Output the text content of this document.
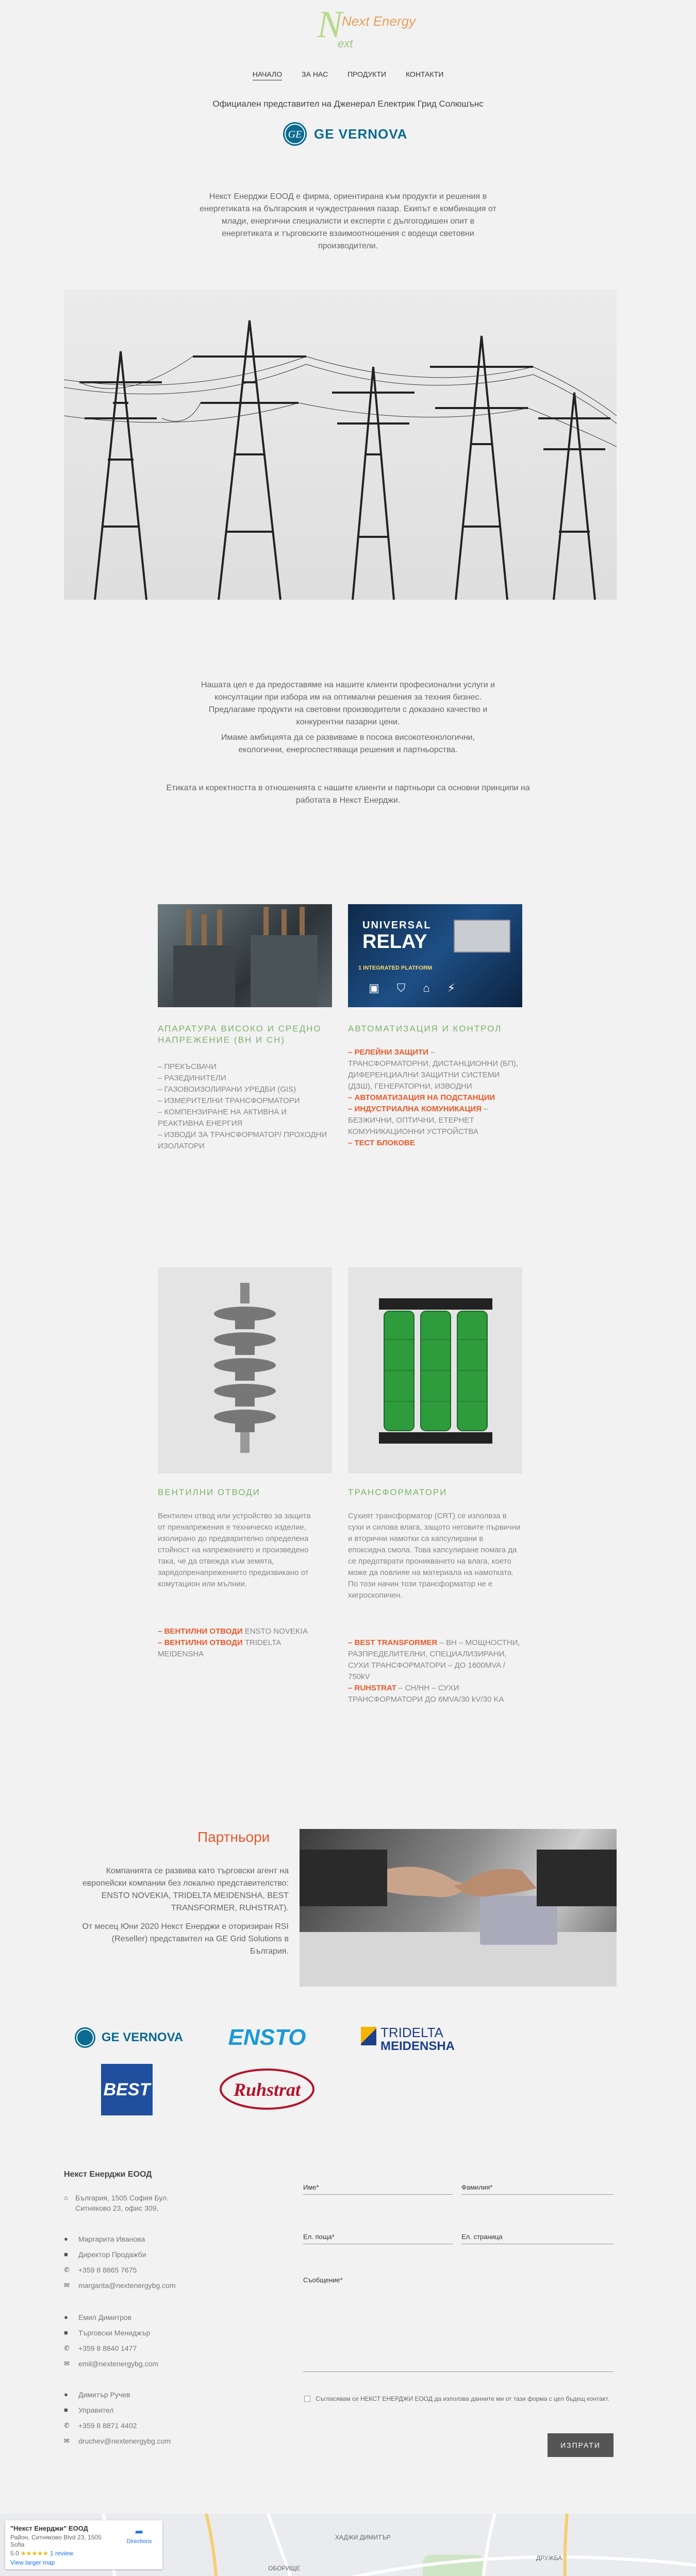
N
Next Energy
ext
НАЧАЛО	ЗА НАС	ПРОДУКТИ	КОНТАКТИ
Официален представител на Дженерал Електрик Грид Солюшънс
GE GE VERNOVA

Некст Енерджи ЕООД е фирма, ориентирана към продукти и решения в енергетиката на българския и чуждестранния пазар. Екипът е комбинация от млади, енергични специалисти и експерти с дългогодишен опит в енергетиката и търговските взаимоотношения с водещи световни производители.

Нашата цел е да предоставяме на нашите клиенти професионални услуги и консултации при избора им на оптимални решения за техния бизнес. Предлагаме продукти на световни производители с доказано качество и конкурентни пазарни цени.

Имаме амбицията да се развиваме в посока високотехнологични, екологични, енергоспестяващи решения и партньорства.

Етиката и коректността в отношенията с нашите клиенти и партньори са основни принципи на работата в Некст Енерджи.

UNIVERSAL
RELAY
1 INTEGRATED PLATFORM
▣ ⛉ ⌂ ⚡
АПАРАТУРА ВИСОКО И СРЕДНО НАПРЕЖЕНИЕ (ВН И СН)
– ПРЕКЪСВАЧИ
– РАЗЕДИНИТЕЛИ
– ГАЗОВОИЗОЛИРАНИ УРЕДБИ (GIS)
– ИЗМЕРИТЕЛНИ ТРАНСФОРМАТОРИ
– КОМПЕНЗИРАНЕ НА АКТИВНА И РЕАКТИВНА ЕНЕРГИЯ
– ИЗВОДИ ЗА ТРАНСФОРМАТОР/ ПРОХОДНИ ИЗОЛАТОРИ
АВТОМАТИЗАЦИЯ И КОНТРОЛ
– РЕЛЕЙНИ ЗАЩИТИ – ТРАНСФОРМАТОРНИ, ДИСТАНЦИОННИ (БП), ДИФЕРЕНЦИАЛНИ ЗАЩИТНИ СИСТЕМИ (ДЗШ), ГЕНЕРАТОРНИ, ИЗВОДНИ
– АВТОМАТИЗАЦИЯ НА ПОДСТАНЦИИ
– ИНДУСТРИАЛНА КОМУНИКАЦИЯ – БЕЗЖИЧНИ, ОПТИЧНИ, ЕТЕРНЕТ КОМУНИКАЦИОННИ УСТРОЙСТВА
– ТЕСТ БЛОКОВЕ
ВЕНТИЛНИ ОТВОДИ
Вентилен отвод или устройство за защита от пренапрежения е техническо изделие, изолирано до предварително определена стойност на напрежението и произведено така, че да отвежда към земята, зарядопренапрежението предизвикано от комутацион или мълнии.
– ВЕНТИЛНИ ОТВОДИ ENSTO NOVEKIA
– ВЕНТИЛНИ ОТВОДИ TRIDELTA MEIDENSHA
ТРАНСФОРМАТОРИ
Сухият трансформатор (CRT) се изполвза в сухи и силова влага, защото неговите първични и вторични намотки са капсулирани в епоксидна смола. Това капсулиране помага да се предотврати проникването на влага, което може да повлияе на материала на намотката. По този начин този трансформатор не е хигроскопичен.
– BEST TRANSFORMER – ВН – МОЩНОСТНИ, РАЗПРЕДЕЛИТЕЛНИ, СПЕЦИАЛИЗИРАНИ, СУХИ ТРАНСФОРМАТОРИ – ДО 1600MVA / 750kV
– RUHSTRAT – СН/НН – СУХИ ТРАНСФОРМАТОРИ ДО 6MVA/30 kV/30 KA
Партньори

Компанията се развива като търговски агент на европейски компании без локално представителство: ENSTO NOVEKIA, TRIDELTA MEIDENSHA, BEST TRANSFORMER, RUHSTRAT).

От месец Юни 2020 Некст Енерджи е оторизиран RSI (Reseller) представител на GE Grid Solutions в България.

GE VERNOVA	ENSTO	TRIDELTA
MEIDENSHA
BEST	Ruhstrat
Некст Енерджи ЕООД
⌂ България, 1505 София Бул. Ситняково 23, офис 309,
●	Маргарита Иванова
■	Директор Продажби
✆	+359 8 8865 7675
✉	margarita@nextenergybg.com
●	Емил Димитров
■	Търговски Мениджър
✆	+359 8 8840 1477
✉	emil@nextenergybg.com
●	Димитър Ручев
■	Управител
✆	+359 8 8871 4402
✉	druchev@nextenergybg.com
Име*	Фамилия*
Ел. поща*	Ел. страница
Съобщение*
Съгласявам се НЕКСТ ЕНЕРДЖИ ЕООД да използва данните ми от тази форма с цел бъдещ контакт.
ИЗПРАТИ
ДРУЖБА
ОБОРИЩЕ
ХАДЖИ ДИМИТЪР
"Некст Енерджи" ЕООД
Район, Ситняково Blvd 23, 1505 Sofia
5.0 ★★★★★ 1 review
View larger map
➦
Directions
